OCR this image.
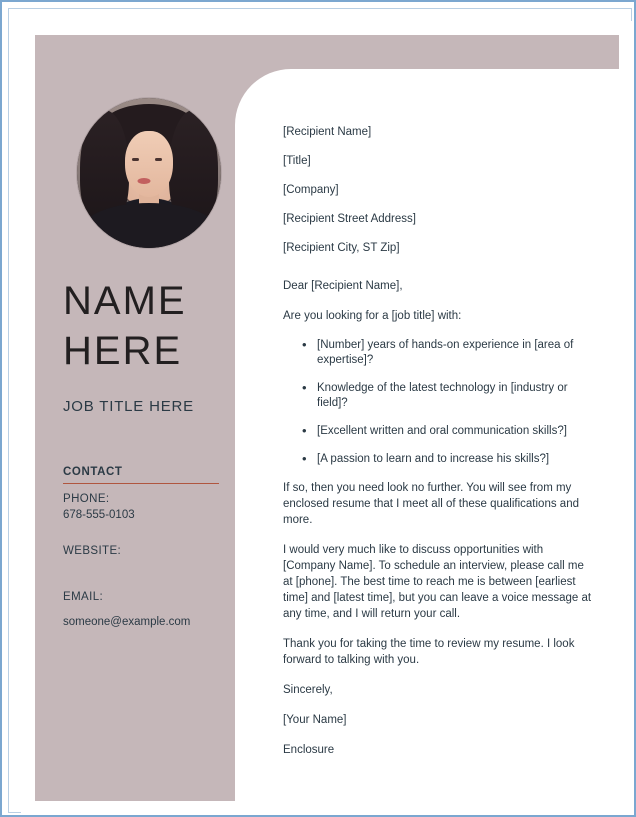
NAME
HERE
JOB TITLE HERE
CONTACT
PHONE:
678-555-0103
WEBSITE:
EMAIL:
someone@example.com

[Recipient Name]

[Title]

[Company]

[Recipient Street Address]

[Recipient City, ST Zip]

Dear [Recipient Name],

Are you looking for a [job title] with:

• [Number] years of hands-on experience in [area of expertise]?
• Knowledge of the latest technology in [industry or field]?
• [Excellent written and oral communication skills?]
• [A passion to learn and to increase his skills?]

If so, then you need look no further. You will see from my enclosed resume that I meet all of these qualifications and more.

I would very much like to discuss opportunities with [Company Name]. To schedule an interview, please call me at [phone]. The best time to reach me is between [earliest time] and [latest time], but you can leave a voice message at any time, and I will return your call.

Thank you for taking the time to review my resume. I look forward to talking with you.

Sincerely,

[Your Name]

Enclosure
